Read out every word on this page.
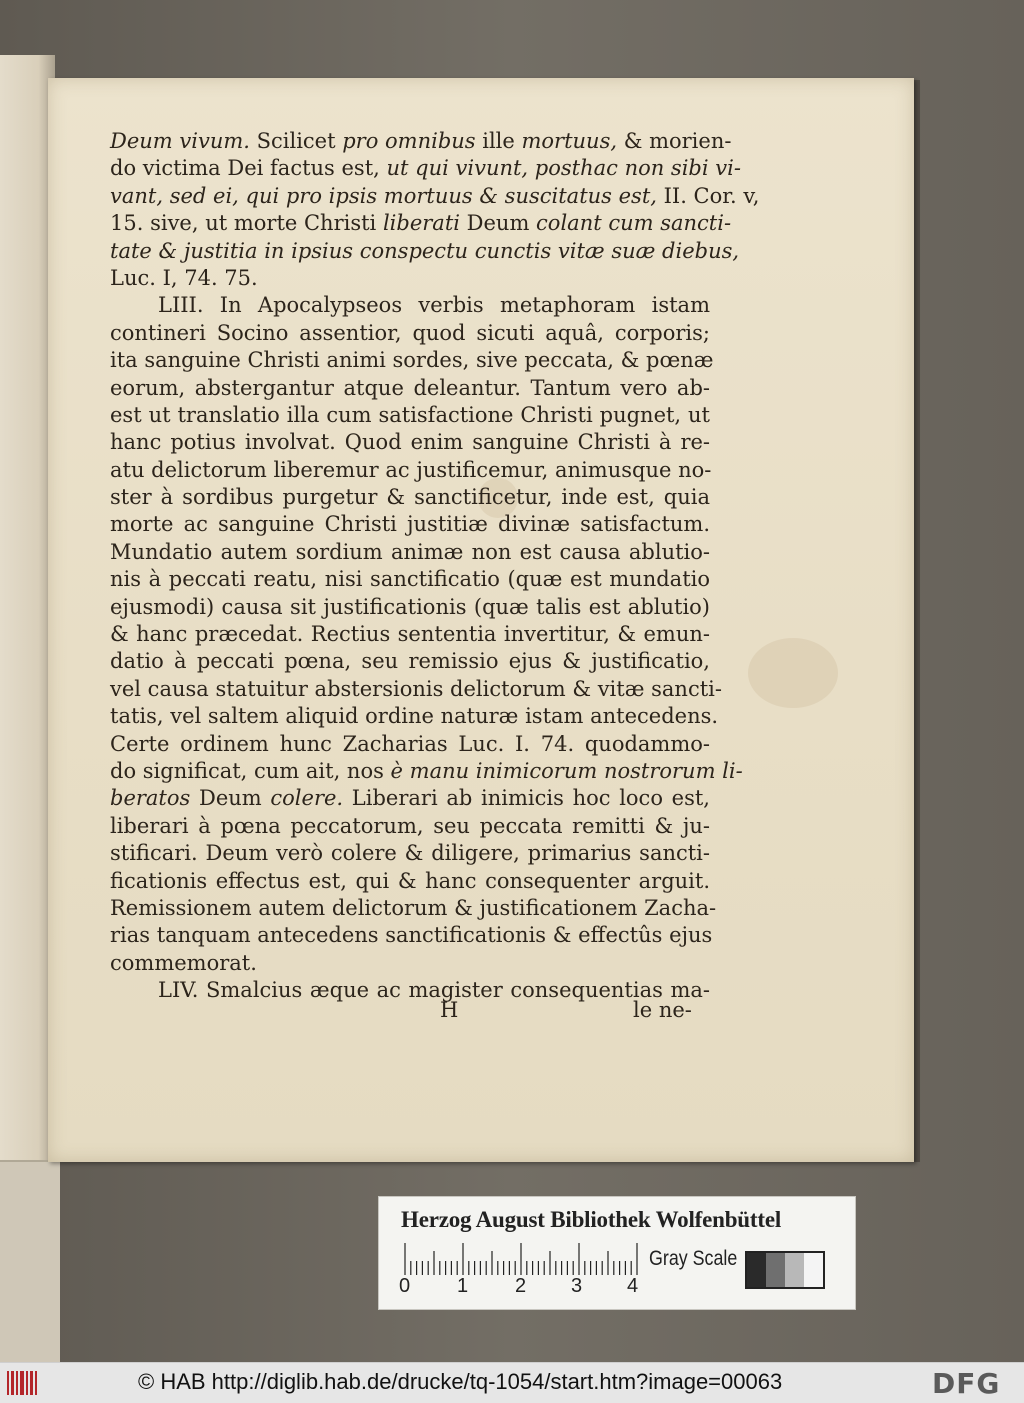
Deum vivum. Scilicet pro omnibus ille mortuus, & morien-
do victima Dei factus est, ut qui vivunt, posthac non sibi vi-
vant, sed ei, qui pro ipsis mortuus & suscitatus est, II. Cor. v,
15. sive, ut morte Christi liberati Deum colant cum sancti-
tate & justitia in ipsius conspectu cunctis vitæ suæ diebus,
Luc. I, 74. 75.
LIII. In Apocalypseos verbis metaphoram istam
contineri Socino assentior, quod sicuti aquâ, corporis;
ita sanguine Christi animi sordes, sive peccata, & pœnæ
eorum, abstergantur atque deleantur. Tantum vero ab-
est ut translatio illa cum satisfactione Christi pugnet, ut
hanc potius involvat. Quod enim sanguine Christi à re-
atu delictorum liberemur ac justificemur, animusque no-
ster à sordibus purgetur & sanctificetur, inde est, quia
morte ac sanguine Christi justitiæ divinæ satisfactum.
Mundatio autem sordium animæ non est causa ablutio-
nis à peccati reatu, nisi sanctificatio (quæ est mundatio
ejusmodi) causa sit justificationis (quæ talis est ablutio)
& hanc præcedat. Rectius sententia invertitur, & emun-
datio à peccati pœna, seu remissio ejus & justificatio,
vel causa statuitur abstersionis delictorum & vitæ sancti-
tatis, vel saltem aliquid ordine naturæ istam antecedens.
Certe ordinem hunc Zacharias Luc. I. 74. quodammo-
do significat, cum ait, nos è manu inimicorum nostrorum li-
beratos Deum colere. Liberari ab inimicis hoc loco est,
liberari à pœna peccatorum, seu peccata remitti & ju-
stificari. Deum verò colere & diligere, primarius sancti-
ficationis effectus est, qui & hanc consequenter arguit.
Remissionem autem delictorum & justificationem Zacha-
rias tanquam antecedens sanctificationis & effectûs ejus
commemorat.
LIV. Smalcius æque ac magister consequentias ma-
H	le ne-
Herzog August Bibliothek Wolfenbüttel
0 1 2 3 4
Gray Scale
© HAB http://diglib.hab.de/drucke/tq-1054/start.htm?image=00063	DFG
